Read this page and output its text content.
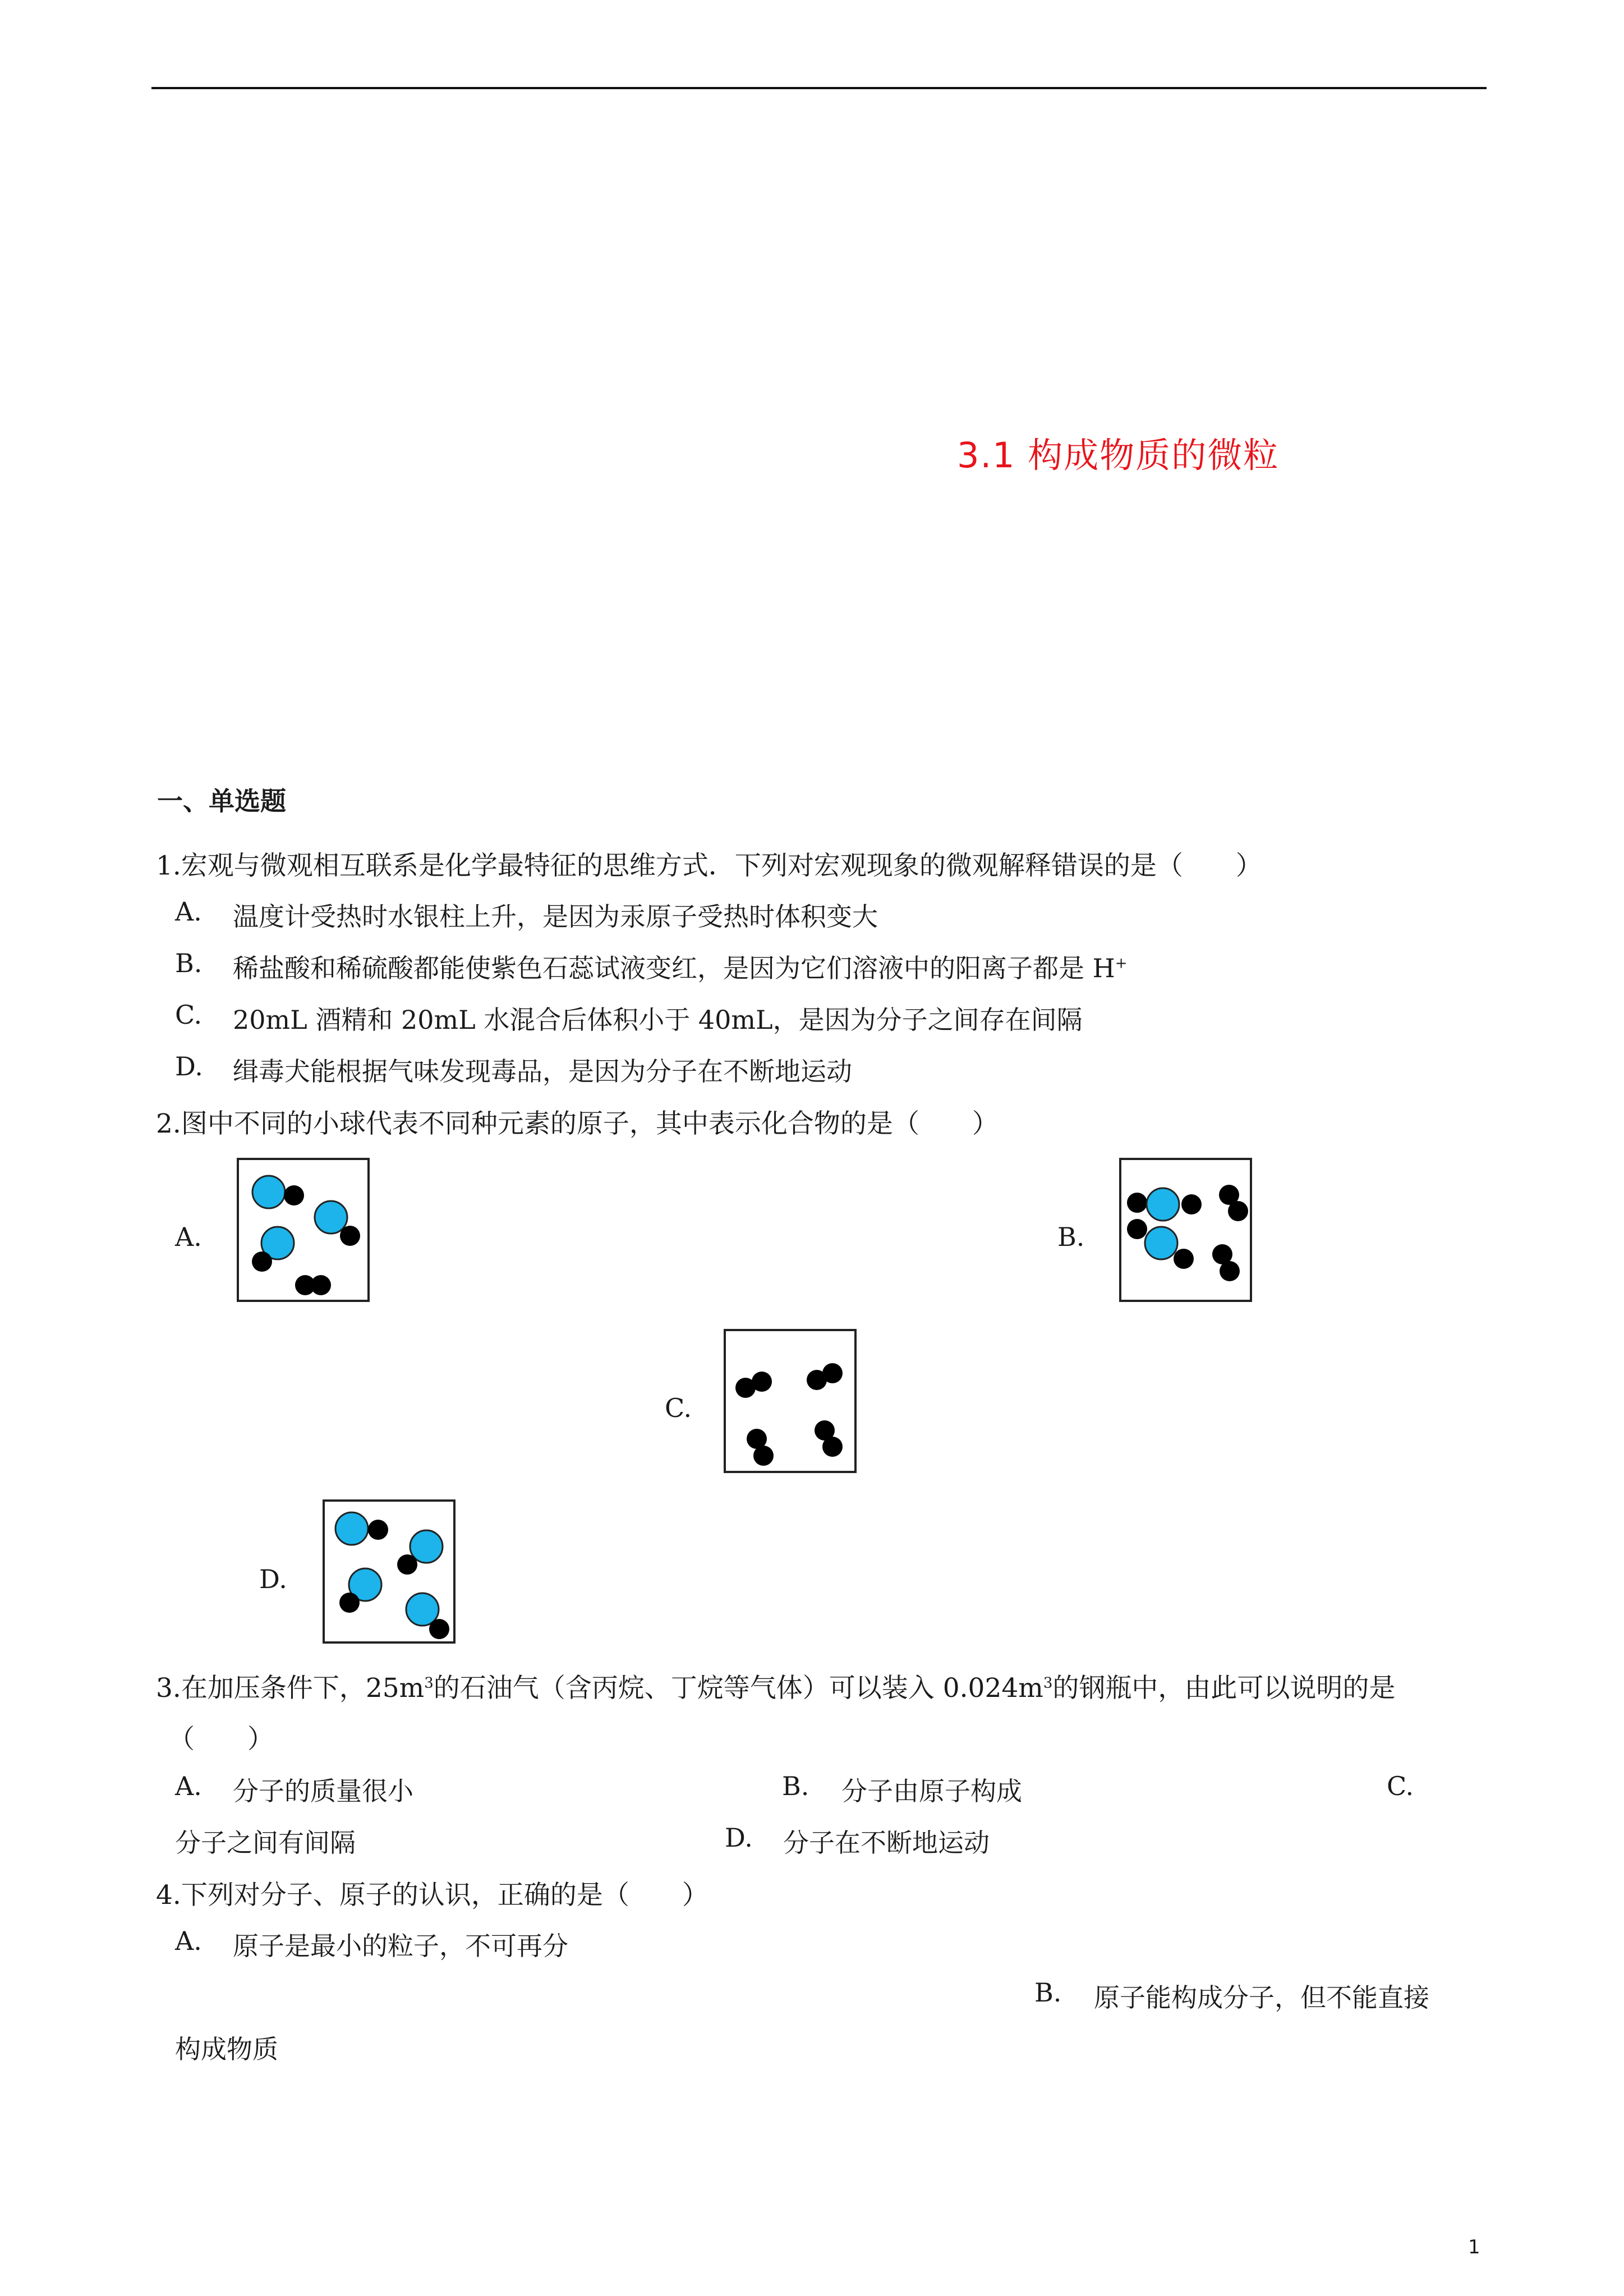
3.1 构成物质的微粒
一、单选题
1.宏观与微观相互联系是化学最特征的思维方式．下列对宏观现象的微观解释错误的是（　　）
A. 温度计受热时水银柱上升，是因为汞原子受热时体积变大
B. 稀盐酸和稀硫酸都能使紫色石蕊试液变红，是因为它们溶液中的阳离子都是 H+
C. 20mL 酒精和 20mL 水混合后体积小于 40mL，是因为分子之间存在间隔
D. 缉毒犬能根据气味发现毒品，是因为分子在不断地运动
2.图中不同的小球代表不同种元素的原子，其中表示化合物的是（　　）
A.	B.
C.
D.
3.在加压条件下，$25m^3$的石油气（含丙烷、丁烷等气体）可以装入 $0.024m^3$的钢瓶中，由此可以说明的是
（　　）
A. 分子的质量很小	B. 分子由原子构成	C.
分子之间有间隔	D. 分子在不断地运动
4.下列对分子、原子的认识，正确的是（　　）
A. 原子是最小的粒子，不可再分
B. 原子能构成分子，但不能直接
构成物质
1
